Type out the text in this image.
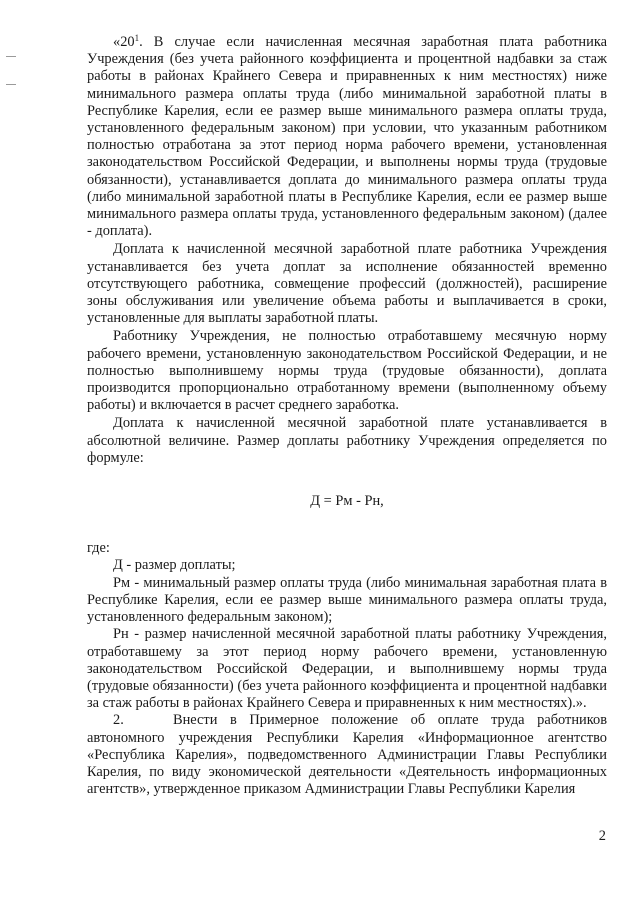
«$20^1$. В случае если начисленная месячная заработная плата работника Учреждения (без учета районного коэффициента и процентной надбавки за стаж работы в районах Крайнего Севера и приравненных к ним местностях) ниже минимального размера оплаты труда (либо минимальной заработной платы в Республике Карелия, если ее размер выше минимального размера оплаты труда, установленного федеральным законом) при условии, что указанным работником полностью отработана за этот период норма рабочего времени, установленная законодательством Российской Федерации, и выполнены нормы труда (трудовые обязанности), устанавливается доплата до минимального размера оплаты труда (либо минимальной заработной платы в Республике Карелия, если ее размер выше минимального размера оплаты труда, установленного федеральным законом) (далее - доплата).

Доплата к начисленной месячной заработной плате работника Учреждения устанавливается без учета доплат за исполнение обязанностей временно отсутствующего работника, совмещение профессий (должностей), расширение зоны обслуживания или увеличение объема работы и выплачивается в сроки, установленные для выплаты заработной платы.

Работнику Учреждения, не полностью отработавшему месячную норму рабочего времени, установленную законодательством Российской Федерации, и не полностью выполнившему нормы труда (трудовые обязанности), доплата производится пропорционально отработанному времени (выполненному объему работы) и включается в расчет среднего заработка.

Доплата к начисленной месячной заработной плате устанавливается в абсолютной величине. Размер доплаты работнику Учреждения определяется по формуле:

Д = Рм - Рн,

где:

Д - размер доплаты;

Рм - минимальный размер оплаты труда (либо минимальная заработная плата в Республике Карелия, если ее размер выше минимального размера оплаты труда, установленного федеральным законом);

Рн - размер начисленной месячной заработной платы работнику Учреждения, отработавшему за этот период норму рабочего времени, установленную законодательством Российской Федерации, и выполнившему нормы труда (трудовые обязанности) (без учета районного коэффициента и процентной надбавки за стаж работы в районах Крайнего Севера и приравненных к ним местностях).».

2.	Внести в Примерное положение об оплате труда работников автономного учреждения Республики Карелия «Информационное агентство «Республика Карелия», подведомственного Администрации Главы Республики Карелия, по виду экономической деятельности «Деятельность информационных агентств», утвержденное приказом Администрации Главы Республики Карелия

2
